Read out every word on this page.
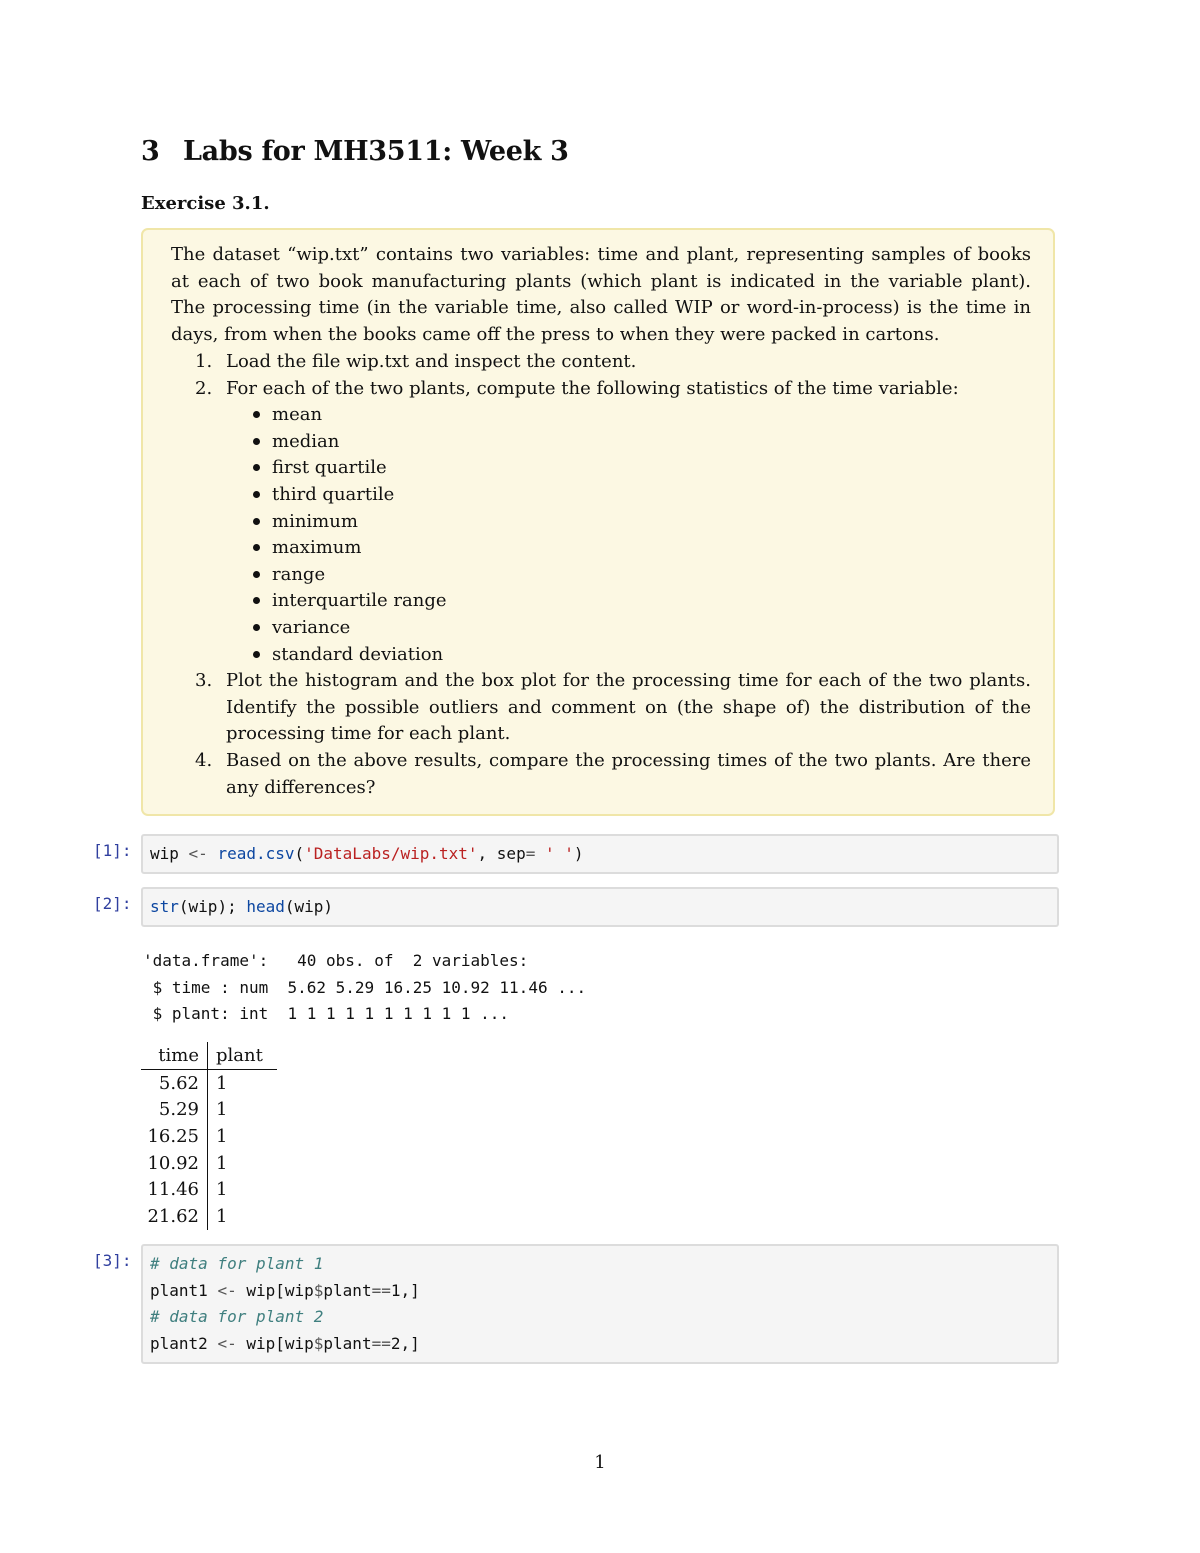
3 Labs for MH3511: Week 3
Exercise 3.1.
The dataset “wip.txt” contains two variables: time and plant, representing samples of books
at each of two book manufacturing plants (which plant is indicated in the variable plant).
The processing time (in the variable time, also called WIP or word-in-process) is the time in
days, from when the books came off the press to when they were packed in cartons.
1. Load the file wip.txt and inspect the content.
2. For each of the two plants, compute the following statistics of the time variable:
mean
median
first quartile
third quartile
minimum
maximum
range
interquartile range
variance
standard deviation
3. Plot the histogram and the box plot for the processing time for each of the two plants.
Identify the possible outliers and comment on (the shape of) the distribution of the
processing time for each plant.
4. Based on the above results, compare the processing times of the two plants. Are there
any differences?
[1]:	wip <- read.csv('DataLabs/wip.txt', sep= ' ')
[2]:	str(wip); head(wip)
'data.frame':	40 obs. of  2 variables:
$ time : num  5.62 5.29 16.25 10.92 11.46 ...
$ plant: int  1 1 1 1 1 1 1 1 1 1 ...
time	plant
5.62	1
5.29	1
16.25	1
10.92	1
11.46	1
21.62	1
[3]: # data for plant 1
plant1 <- wip[wip$plant==1,]
# data for plant 2
plant2 <- wip[wip$plant==2,]
1
